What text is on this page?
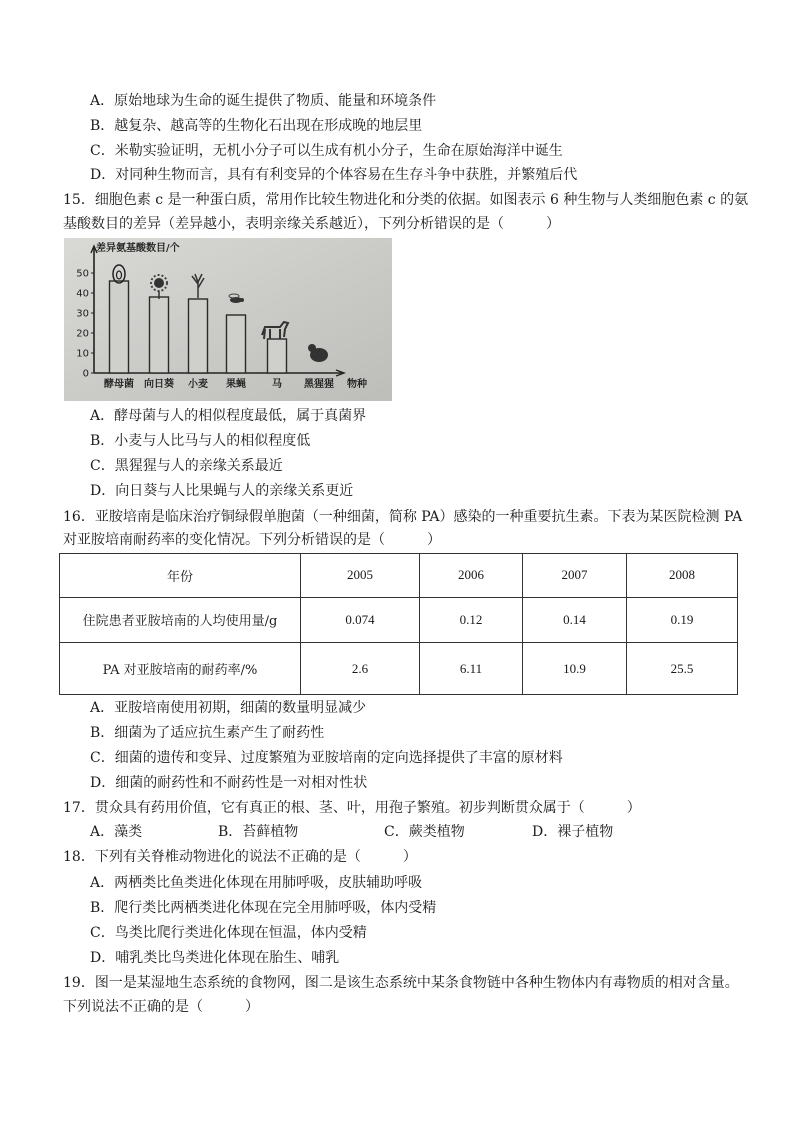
A．原始地球为生命的诞生提供了物质、能量和环境条件
B．越复杂、越高等的生物化石出现在形成晚的地层里
C．米勒实验证明，无机小分子可以生成有机小分子，生命在原始海洋中诞生
D．对同种生物而言，具有有利变异的个体容易在生存斗争中获胜，并繁殖后代
15．细胞色素 c 是一种蛋白质，常用作比较生物进化和分类的依据。如图表示 6 种生物与人类细胞色素 c 的氨
基酸数目的差异（差异越小，表明亲缘关系越近），下列分析错误的是（　　　）
差异氨基酸数目/个
物种
0
10
20
30
40
50
酵母菌 向日葵 小麦 果蝇	马 黑猩猩
A．酵母菌与人的相似程度最低，属于真菌界
B．小麦与人比马与人的相似程度低
C．黑猩猩与人的亲缘关系最近
D．向日葵与人比果蝇与人的亲缘关系更近
16．亚胺培南是临床治疗铜绿假单胞菌（一种细菌，简称 PA）感染的一种重要抗生素。下表为某医院检测 PA
对亚胺培南耐药率的变化情况。下列分析错误的是（　　　）
年份	2005	2006	2007	2008
住院患者亚胺培南的人均使用量/g	0.074	0.12	0.14	0.19
PA 对亚胺培南的耐药率/%	2.6	6.11	10.9	25.5
A．亚胺培南使用初期，细菌的数量明显减少
B．细菌为了适应抗生素产生了耐药性
C．细菌的遗传和变异、过度繁殖为亚胺培南的定向选择提供了丰富的原材料
D．细菌的耐药性和不耐药性是一对相对性状
17．贯众具有药用价值，它有真正的根、茎、叶，用孢子繁殖。初步判断贯众属于（　　　）
A．藻类	B．苔藓植物	C．蕨类植物	D．裸子植物
18．下列有关脊椎动物进化的说法不正确的是（　　　）
A．两栖类比鱼类进化体现在用肺呼吸，皮肤辅助呼吸
B．爬行类比两栖类进化体现在完全用肺呼吸，体内受精
C．鸟类比爬行类进化体现在恒温，体内受精
D．哺乳类比鸟类进化体现在胎生、哺乳
19．图一是某湿地生态系统的食物网，图二是该生态系统中某条食物链中各种生物体内有毒物质的相对含量。
下列说法不正确的是（　　　）
